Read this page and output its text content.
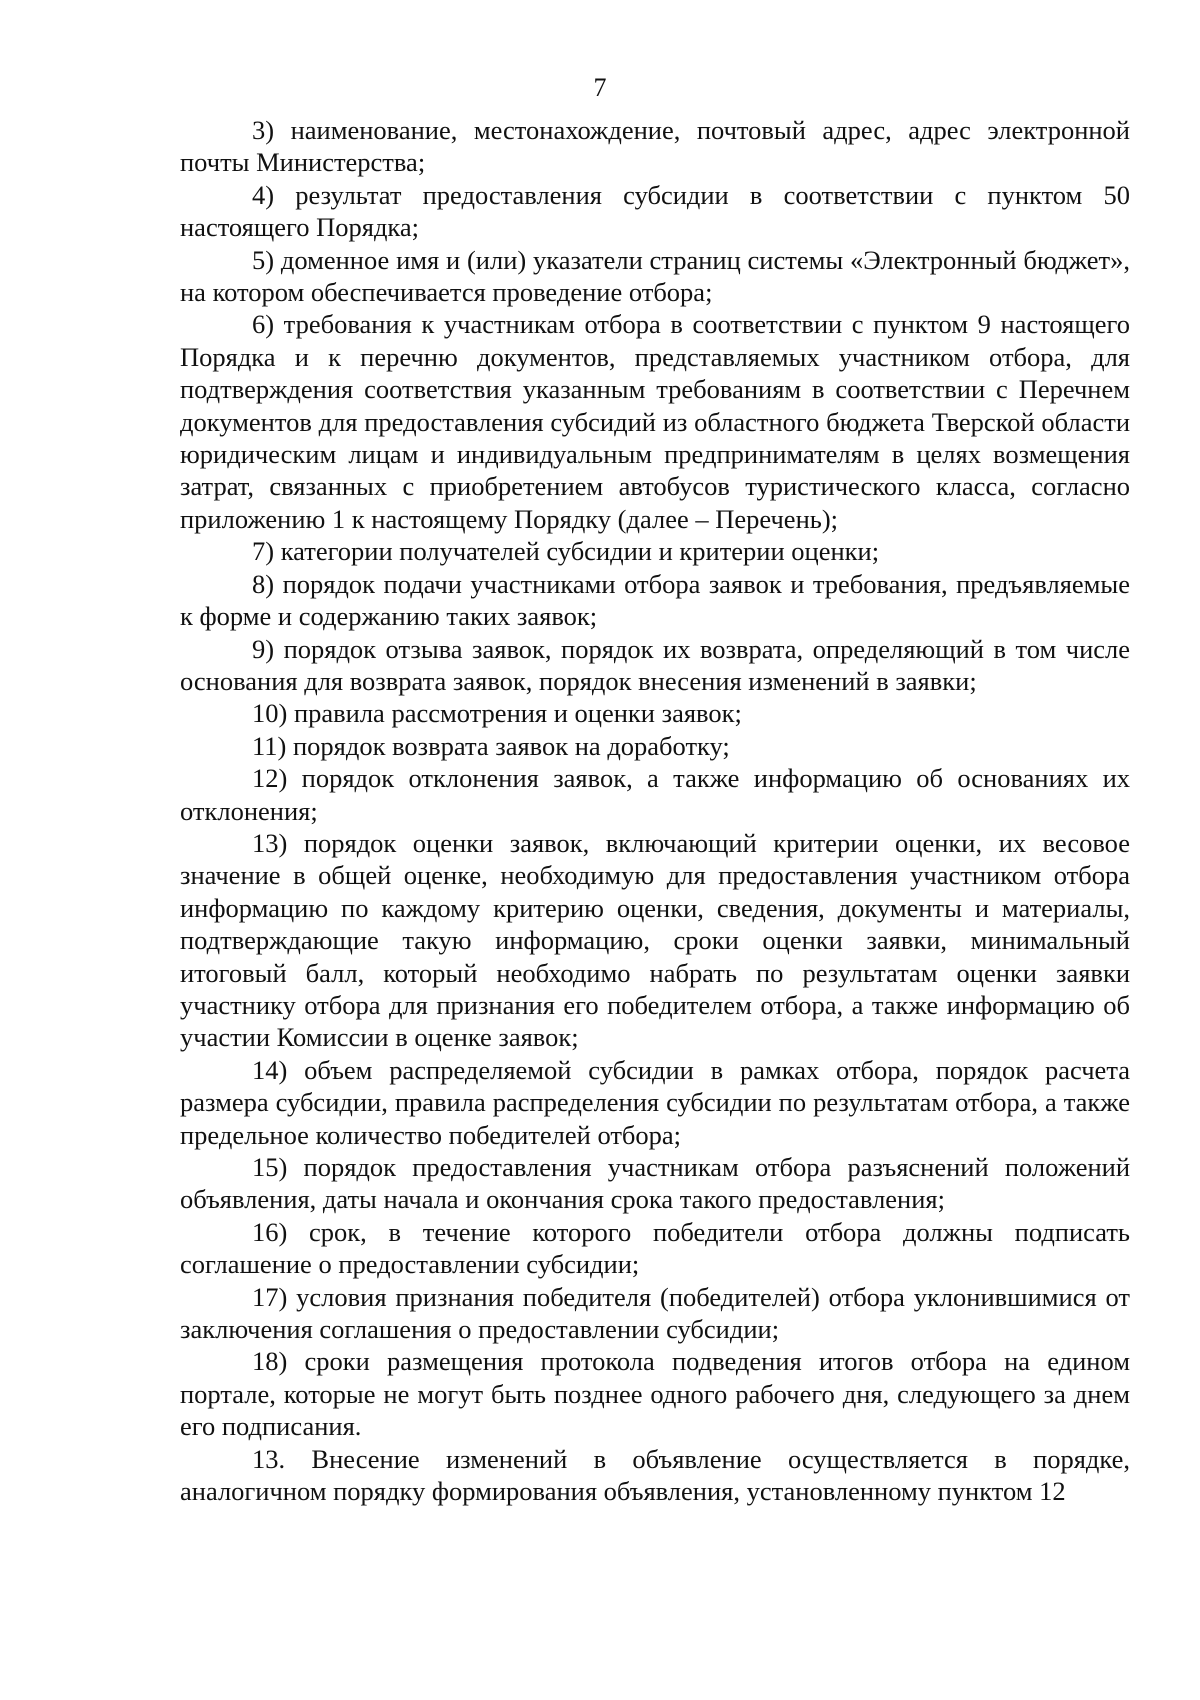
7

3) наименование, местонахождение, почтовый адрес, адрес электронной почты Министерства;

4) результат предоставления субсидии в соответствии с пунктом 50 настоящего Порядка;

5) доменное имя и (или) указатели страниц системы «Электронный бюджет», на котором обеспечивается проведение отбора;

6) требования к участникам отбора в соответствии с пунктом 9 настоящего Порядка и к перечню документов, представляемых участником отбора, для подтверждения соответствия указанным требованиям в соответствии с Перечнем документов для предоставления субсидий из областного бюджета Тверской области юридическим лицам и индивидуальным предпринимателям в целях возмещения затрат, связанных с приобретением автобусов туристического класса, согласно приложению 1 к настоящему Порядку (далее – Перечень);

7) категории получателей субсидии и критерии оценки;

8) порядок подачи участниками отбора заявок и требования, предъявляемые к форме и содержанию таких заявок;

9) порядок отзыва заявок, порядок их возврата, определяющий в том числе основания для возврата заявок, порядок внесения изменений в заявки;

10) правила рассмотрения и оценки заявок;

11) порядок возврата заявок на доработку;

12) порядок отклонения заявок, а также информацию об основаниях их отклонения;

13) порядок оценки заявок, включающий критерии оценки, их весовое значение в общей оценке, необходимую для предоставления участником отбора информацию по каждому критерию оценки, сведения, документы и материалы, подтверждающие такую информацию, сроки оценки заявки, минимальный итоговый балл, который необходимо набрать по результатам оценки заявки участнику отбора для признания его победителем отбора, а также информацию об участии Комиссии в оценке заявок;

14) объем распределяемой субсидии в рамках отбора, порядок расчета размера субсидии, правила распределения субсидии по результатам отбора, а также предельное количество победителей отбора;

15) порядок предоставления участникам отбора разъяснений положений объявления, даты начала и окончания срока такого предоставления;

16) срок, в течение которого победители отбора должны подписать соглашение о предоставлении субсидии;

17) условия признания победителя (победителей) отбора уклонившимися от заключения соглашения о предоставлении субсидии;

18) сроки размещения протокола подведения итогов отбора на едином портале, которые не могут быть позднее одного рабочего дня, следующего за днем его подписания.

13. Внесение изменений в объявление осуществляется в порядке, аналогичном порядку формирования объявления, установленному пунктом 12
